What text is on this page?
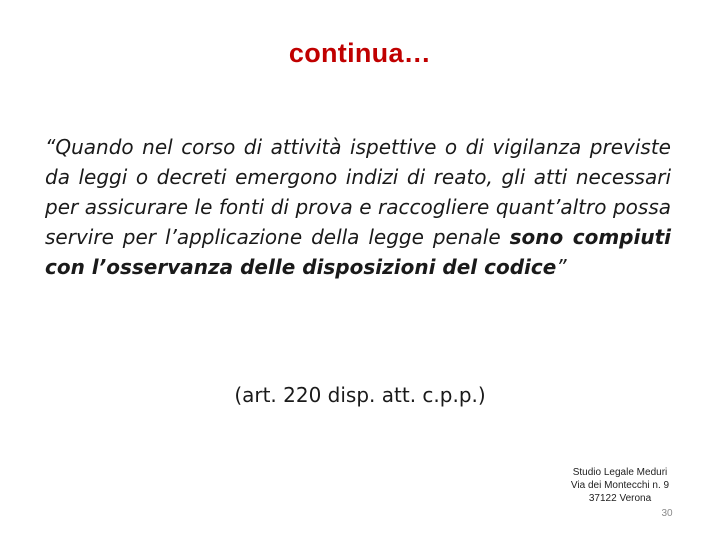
continua…
“Quando nel corso di attività ispettive o di vigilanza previste da leggi o decreti emergono indizi di reato, gli atti necessari per assicurare le fonti di prova e raccogliere quant’altro possa servire per l’applicazione della legge penale sono compiuti con l’osservanza delle disposizioni del codice”
(art. 220 disp. att. c.p.p.)
Studio Legale Meduri
Via dei Montecchi n. 9
37122 Verona
30
